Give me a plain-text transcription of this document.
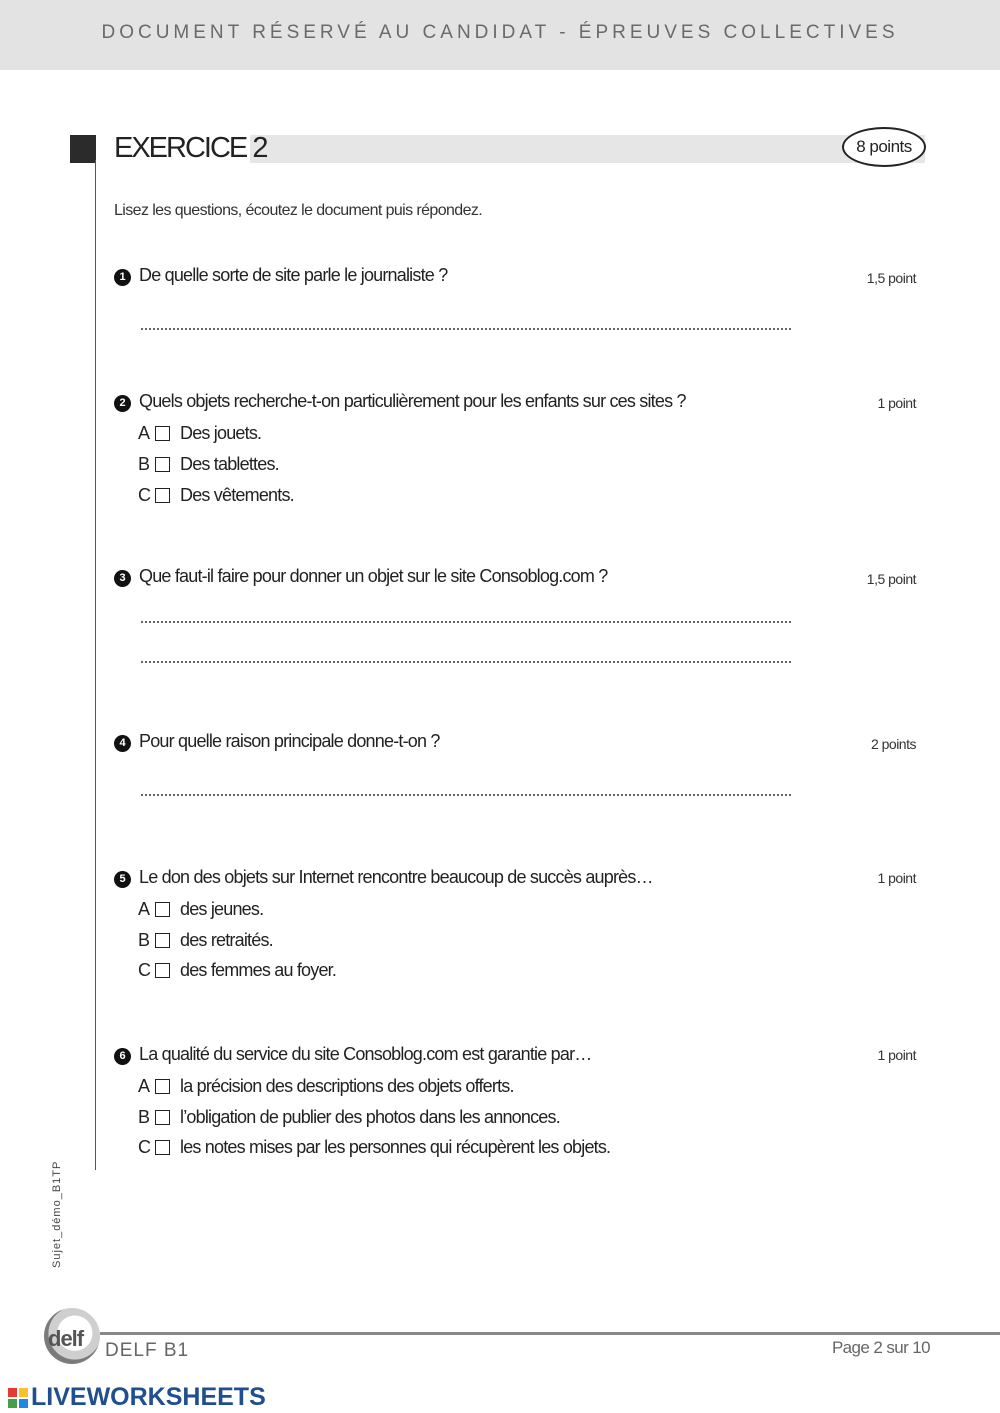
DOCUMENT RÉSERVÉ AU CANDIDAT - ÉPREUVES COLLECTIVES
EXERCICE 2	8 points
Lisez les questions, écoutez le document puis répondez.
1 De quelle sorte de site parle le journaliste ?	1,5 point
2 Quels objets recherche-t-on particulièrement pour les enfants sur ces sites ?	1 point
A Des jouets.
B Des tablettes.
C Des vêtements.
3 Que faut-il faire pour donner un objet sur le site Consoblog.com ?	1,5 point
4 Pour quelle raison principale donne-t-on ?	2 points
5 Le don des objets sur Internet rencontre beaucoup de succès auprès…	1 point
A des jeunes.
B des retraités.
C des femmes au foyer.
6 La qualité du service du site Consoblog.com est garantie par…	1 point
A la précision des descriptions des objets offerts.
B l’obligation de publier des photos dans les annonces.
C les notes mises par les personnes qui récupèrent les objets.
Sujet_démo_B1TP
delf DELF B1	Page 2 sur 10
LIVEWORKSHEETS
